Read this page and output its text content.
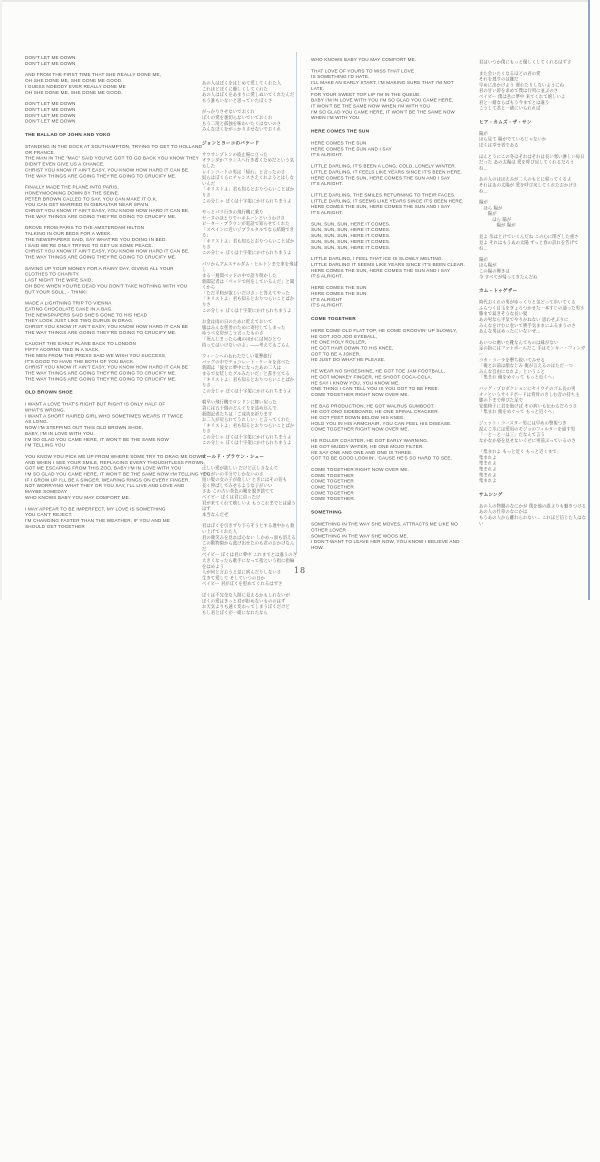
DON'T LET ME DOWN
DON'T LET ME DOWN
AND FROM THE FIRST TIME THAT SHE REALLY DONE ME,
OH SHE DONE ME, SHE DONE ME GOOD.
I GUESS NOBODY EVER REALLY DONE ME
OH SHE DONE ME, SHE DONE ME GOOD.
DON'T LET ME DOWN
DON'T LET ME DOWN
DON'T LET ME DOWN
DON'T LET ME DOWN
THE BALLAD OF JOHN AND YOKO
STANDING IN THE DOCK AT SOUTHAMPTON, TRYING TO GET TO HOLLAND
OR FRANCE.
THE MAN IN THE "MAC" SAID YOU'VE GOT TO GO BACK YOU KNOW THEY
DIDN'T EVEN GIVE US A CHANCE.
CHRIST YOU KNOW IT AIN'T EASY, YOU KNOW HOW HARD IT CAN BE.
THE WAY THINGS ARE GOING THEY'RE GOING TO CRUCIFY ME.
FINALLY MADE THE PLANE INTO PARIS,
HONEYMOONING DOWN BY THE SEINE.
PETER BROWN CALLED TO SAY, YOU CAN MAKE IT O.K.
YOU CAN GET MARRIED IN GIBRALTAR NEAR SPAIN.
CHRIST YOU KNOW IT AIN'T EASY, YOU KNOW HOW HARD IT CAN BE.
THE WAY THINGS ARE GOING THEY'RE GOING TO CRUCIFY ME.
DROVE FROM PARIS TO THE AMSTERDAM HILTON
TALKING IN OUR BEDS FOR A WEEK.
THE NEWSPAPERS SAID, SAY WHAT'RE YOU DOING IN BED.
I SAID WE'RE ONLY TRYING TO GET US SOME PEACE.
CHRIST YOU KNOW IT AIN'T EASY, YOU KNOW HOW HARD IT CAN BE.
THE WAY THINGS ARE GOING THEY'RE GOING TO CRUCIFY ME.
SAVING UP YOUR MONEY FOR A RAINY DAY, GIVING ALL YOUR
CLOTHES TO CHARITY.
LAST NIGHT THE WIFE SAID,
OH BOY, WHEN YOU'RE DEAD YOU DON'T TAKE NOTHING WITH YOU
BUT YOUR SOUL, - THINK!
MADE A LIGHTNING TRIP TO VIENNA
EATING CHOCOLATE CAKE IN A BAG.
THE NEWSPAPERS SAID SHE'S GONE TO HIS HEAD
THEY LOOK JUST LIKE TWO GURUS IN DRAG.
CHRIST YOU KNOW IT AIN'T EASY, YOU KNOW HOW HARD IT CAN BE
THE WAY THINGS ARE GOING THEY'RE GOING TO CRUCIFY ME.
CAUGHT THE EARLY PLANE BACK TO LONDON
FIFTY ACORNS TIED IN A SACK.
THE MEN FROM THE PRESS SAID WE WISH YOU SUCCESS,
IT'S GOOD TO HAVE THE BOTH OF YOU BACK.
CHRIST YOU KNOW IT AIN'T EASY, YOU KNOW HOW HARD IT CAN BE
THE WAY THINGS ARE GOING THEY'RE GOING TO CRUCIFY ME.
THE WAY THINGS ARE GOING THEY'RE GOING TO CRUCIFY ME.
OLD BROWN SHOE
I WANT A LOVE THAT'S RIGHT BUT RIGHT IS ONLY HALF OF
WHAT'S WRONG.
I WANT A SHORT HAIRED GIRL WHO SOMETIMES WEARS IT TWICE
AS LONG.
NOW I'M STEPPING OUT THIS OLD BROWN SHOE,
BABY, I'M IN LOVE WITH YOU.
I'M SO GLAD YOU CAME HERE, IT WON'T BE THE SAME NOW
I'M TELLING YOU
YOU KNOW YOU PICK ME UP FROM WHERE SOME TRY TO DRAG ME DOWN,
AND WHEN I SEE YOUR SMILE, REPLACING EVERY THOUGHTLESS FROWN,
GOT ME ESCAPING FROM THIS ZOO, BABY I'M IN LOVE WITH YOU
I'M SO GLAD YOU CAME HERE, IT WON'T BE THE SAME NOW I'M TELLING YOU
IF I GROW UP I'LL BE A SINGER, WEARING RINGS ON EVERY FINGER.
NOT WORRYING WHAT THEY OR YOU SAY, I'LL LIVE AND LOVE AND
MAYBE SOMEDAY
WHO KNOWS BABY YOU MAY COMFORT ME.
I MAY APPEAR TO BE IMPERFECT, MY LOVE IS SOMETHING
YOU CAN'T REJECT.
I'M CHANGING FASTER THAN THE WEATHER, IF YOU AND ME
SHOULD GET TOGETHER
あの人はぼくをはじめて愛してくれた人
これほどぼくに優しくしてくれた
あの人はぼくをあまりに愛しぬいてくれたんだ
もう誰もいないと思っていたぼくさ
がっかりさせないでおくれ
ぼくの愛を裏切らないでいておくれ
もう二度と孤独を味わいたくはないのさ
みんなぼくをがっかりさせないでおくれ
ジョンとヨーコのバラード
サウサンプトンの波止場に立った
オランダかフランスへ行き着くためだという気もした
レインコートの男は「帰れ」と言ったのさ
奴らはぼくらにチャンスさえくれようとはしないんだ
「キリストよ」君も知るとおりつらいことばかりさ
この分じゃ ぼくは十字架にかけられちまうよ
やっとパリ行きの飛行機に乗り
セーヌのほとりでハネムーンというわけさ
ピーター・ブラウンが電話で知らせてくれた
「スペインに近いジブラルタルでなら結婚できる」
「キリストよ」君も知るとおりつらいことばかりさ
この分じゃ ぼくは十字架にかけられちまうよ
パリからアムステルダム・ヒルトンまで車を飛ばし
まる一週間ベッドの中で語り明かした
新聞記者は「ベッドで何をしているんだ」と聞くから
「ただ平和が欲しいだけさ」と答えてやった
「キリストよ」君も知るとおりつらいことばかりさ
この分じゃ ぼくは十字架にかけられちまうよ
お金は雨の日のために貯えておいて
服はみんな慈善のために寄付してしまった
ゆうべ女房がこう言ったものさ
「死んじまったら魂のほかには何ひとつ
持ってはいけないのよ」――考えてもごらん
ウィーンへのあわただしい電撃旅行
バッグの中でチョコレート・ケーキを食べた
新聞は「彼女に夢中になったあの二人は
まるで女装したグルみたいだ」と書き立てる
「キリストよ」君も知るとおりつらいことばかりさ
この分じゃ ぼくは十字架にかけられちまうよ
朝早い飛行機でロンドンに舞い戻った
袋には五十個のどんぐりを詰め込んで
新聞記者たちは「ご成功を祈ります
お二人が戻られてうれしい」と言ってくれた
「キリストよ」君も知るとおりつらいことばかりさ
この分じゃ ぼくは十字架にかけられちまうよ
この分じゃ ぼくは十字架にかけられちまうよ
オールド・ブラウン・シュー
正しい愛が欲しい だけど正しさなんて
まちがいの半分でしかないのさ
短い髪の女の子が欲しい ときにはその倍も
長く伸ばしてみせるような子がいい
さあ この古い茶色の靴を脱ぎ捨てて
ベイビー ぼくは君に首ったけ
君が来てくれて嬉しいよ もうこれまでとは違うはず
本当なんだぜ
君はぼくを引きずり下ろそうとする連中から救い上げてくれた人
君の微笑みを見れば心ない しかめっ面も消える
この動物園から逃げ出せたのも君のおかげなんだ
ベイビー ぼくは君に夢中 これまでとは違うのさ
大きくなったら歌手になって指という指に指輪をはめよう
人が何と言おうと気に病んだりしないさ
生きて愛して そしていつの日か
ベイビー 君がぼくを慰めてくれるはずさ
ぼくは不完全な人間に見えるかもしれないが
ぼくの愛はきっと君が拒めないもののはず
お天気よりも速く変わってしまうぼくだけど
もし君とぼくが一緒になれたなら
WHO KNOWS BABY YOU MAY COMFORT ME.
THAT LOVE OF YOURS TO MISS THAT LOVE
IS SOMETHING I'D HATE.
I'LL MAKE AN EARLY START, I'M MAKING SURE THAT I'M NOT LATE.
FOR YOUR SWEET TOP LIP I'M IN THE QUEUE.
BABY I'M IN LOVE WITH YOU I'M SO GLAD YOU CAME HERE,
IT WON'T BE THE SAME NOW WHEN I'M WITH YOU
I'M SO GLAD YOU CAME HERE, IT WON'T BE THE SAME NOW
WHEN I'M WITH YOU
HERE COMES THE SUN
HERE COMES THE SUN
HERE COMES THE SUN AND I SAY
IT'S ALRIGHT.
LITTLE DARLING, IT'S BEEN A LONG, COLD, LONELY WINTER.
LITTLE DARLING, IT FEELS LIKE YEARS SINCE IT'S BEEN HERE.
HERE COMES THE SUN, HERE COMES THE SUN AND I SAY
IT'S ALRIGHT.
LITTLE DARLING, THE SMILES RETURNING TO THEIR FACES.
LITTLE DARLING, IT SEEMS LIKE YEARS SINCE IT'S BEEN HERE.
HERE COMES THE SUN, HERE COMES THE SUN AND I SAY
IT'S ALRIGHT.
SUN, SUN, SUN, HERE IT COMES.
SUN, SUN, SUN, HERE IT COMES.
SUN, SUN, SUN, HERE IT COMES.
SUN, SUN, SUN, HERE IT COMES.
SUN, SUN, SUN, HERE IT COMES.
LITTLE DARLING, I FEEL THAT ICE IS SLOWLY MELTING.
LITTLE DARLING IT SEEMS LIKE YEARS SINCE IT'S BEEN CLEAR.
HERE COMES THE SUN, HERE COMES THE SUN AND I SAY
IT'S ALRIGHT.
HERE COMES THE SUN
HERE COMES THE SUN
IT'S ALRIGHT
IT'S ALRIGHT.
COME TOGETHER
HERE COME OLD FLAT TOP, HE COME GROOVIN' UP SLOWLY,
HE GOT JOO JOO EYEBALL,
HE ONE HOLY ROLLER,
HE GOT HAIR DOWN TO HIS KNEE,
GOT TO BE A JOKER,
HE JUST DO WHAT HE PLEASE.
HE WEAR NO SHOESHINE, HE GOT TOE JAM FOOTBALL,
HE GOT MONKEY FINGER, HE SHOOT COCA-COLA.
HE SAY I KNOW YOU, YOU KNOW ME.
ONE THING I CAN TELL YOU IS YOU GOT TO BE FREE.
COME TOGETHER RIGHT NOW OVER ME.
HE BAG PRODUCTION, HE GOT WALRUS GUMBOOT.
HE GOT ONO SIDEBOARD, HE ONE SPINAL CRACKER.
HE GOT FEET DOWN BELOW HIS KNEE.
HOLD YOU IN HIS ARMCHAIR, YOU CAN FEEL HIS DISEASE.
COME TOGETHER RIGHT NOW OVER ME.
HE ROLLER COASTER, HE GOT EARLY WARNING.
HE GOT MUDDY WATER, HE ONE MOJO FILTER.
HE SAY ONE AND ONE AND ONE IS THREE.
GOT TO BE GOOD LOOKIN', 'CAUSE HE'S SO HARD TO SEE.
COME TOGETHER RIGHT NOW OVER ME.
COME TOGETHER
COME TOGETHER
COME TOGETHER
COME TOGETHER
COME TOGETHER.
SOMETHING
SOMETHING IN THE WAY SHE MOVES, ATTRACTS ME LIKE NO OTHER LOVER
SOMETHING IN THE WAY SHE WOOS ME.
I DON'T WANT TO LEAVE HER NOW, YOU KNOW I BELIEVE AND HOW.
君はいつか僕にもっと優しくしてくれるはずさ
また会いたくなるほどの君の愛
それを逃すのは嫌だ
早めに出かけよう 遅れたりしないようにね
君の甘い唇を求めて僕は行列に並ぶのさ
ベイビー 僕は君に夢中 来てくれて嬉しいよ
君と一緒ならばもう今までとは違う
こうして君と一緒にいられれば
ヒア・カムズ・ザ・サン
陽が
ほら見て 陽がでているじゃないか
ぼくは幸せ者である
ほんとうにこの冬はそれはそれは長い寒い淋しい毎日
だった あの太陽は 愛を呼び戻してくれるだろう
ね…
あの人のほほえみが二人のもとに帰ってくるよ
それはあの太陽が 愛を呼び戻してくれたおかげさ
ね…
陽が
　ほら 陽が
　　陽が
　　　ほら 陽が
　　　　陽が 陽が
見よ 氷はとけていくんだね この心に閉ざした重さ
見よ それはもうあの太陽 ずっと春の訪れを告げて
ね…
陽が
ほら陽が
この陽の輝きは
今 すべてが帰ってきたんだね
カム・トゥゲザー
時代おくれの男がゆっくりと気どって歩いてくる
ふらつく目玉をぎょろつかせた一本すじの通った男さ
膝まで届きそうな長い髪
あの男なら平気でやりかねない 思わせぶりに
みんなをけむに巻いて勝手気ままにふるまうのさ
あんな男はめったにいないぜ…
あいつに磨いた靴なんてものは縁がない
足の指にはフットボールだこ 手はモンキー・フィンガー
コカ・コーラを撃ち抜いてみせる
「俺とお前は顔なじみ 俺が言えるのはただ一つ
みんな自由になれよ」ということ
「集まれ 俺をめぐって もっと近くへ」
バッグ・プロダクションにセイウチのゴム長の男
オノというサイドボードは背骨のきしむ音の持ち主
膝の下まで伸びた足で
安楽椅子に君を抱けば その病いも伝わるだろうさ
「集まれ 俺をめぐって もっと近くへ」
ジェット・コースター男には早めの警報つき
泥んこ水には愛用のモジョのフィルターを通す男
「一と一と一は三」だなんて言う
なかなか姿を見せないくせに男前ぶっているのさ
「集まれよ もっと近く もっと近くまで」
集まれよ
集まれよ
集まれよ
集まれよ
集まれよ
サムシング
あの人の物腰のなにかが 僕を他の誰よりも魅きつける
あの人の仕草のなにかは
もうあの人から離れられない… これほど信じた人はない
18
